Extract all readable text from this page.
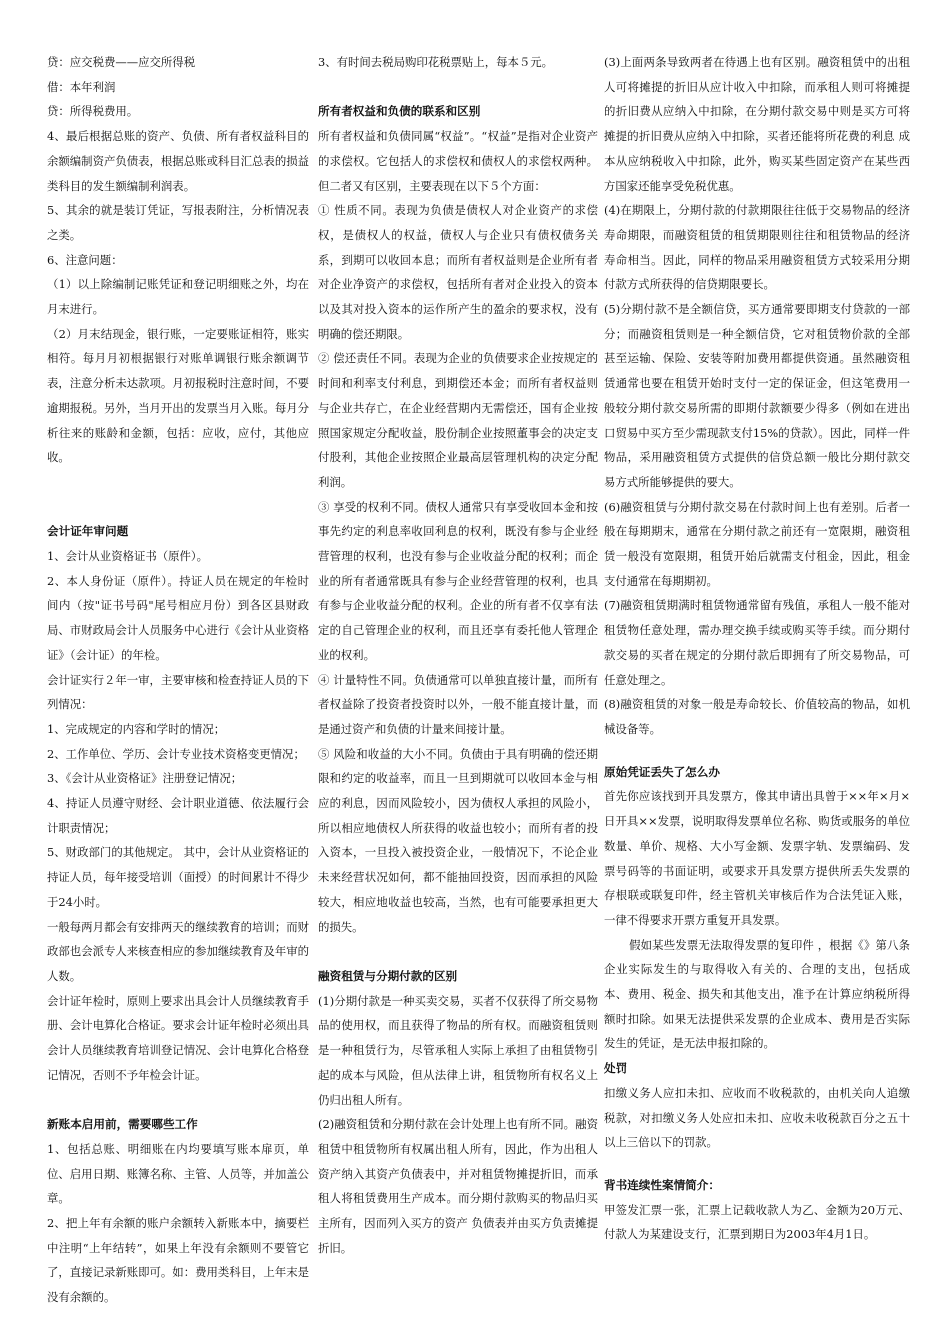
贷：应交税费——应交所得税

借：本年利润

贷：所得税费用。

4、最后根据总账的资产、负债、所有者权益科目的余额编制资产负债表，根据总账或科目汇总表的损益类科目的发生额编制利润表。

5、其余的就是装订凭证，写报表附注，分析情况表之类。

6、注意问题：

（1）以上除编制记账凭证和登记明细账之外，均在月末进行。

（2）月末结现金，银行账，一定要账证相符，账实相符。每月月初根据银行对账单调银行账余额调节表，注意分析未达款项。月初报税时注意时间，不要逾期报税。另外，当月开出的发票当月入账。每月分析往来的账龄和金额，包括：应收，应付，其他应收。

会计证年审问题

1、会计从业资格证书（原件）。

2、本人身份证（原件）。持证人员在规定的年检时间内（按"证书号码"尾号相应月份）到各区县财政局、市财政局会计人员服务中心进行《会计从业资格证》（会计证）的年检。

会计证实行２年一审，主要审核和检查持证人员的下列情况：

1、完成规定的内容和学时的情况；

2、工作单位、学历、会计专业技术资格变更情况；

3、《会计从业资格证》注册登记情况；

4、持证人员遵守财经、会计职业道德、依法履行会计职责情况；

5、财政部门的其他规定。 其中，会计从业资格证的持证人员，每年接受培训（面授）的时间累计不得少于24小时。

一般每两月都会有安排两天的继续教育的培训；而财政部也会派专人来核查相应的参加继续教育及年审的人数。

会计证年检时，原则上要求出具会计人员继续教育手册、会计电算化合格证。要求会计证年检时必须出具会计人员继续教育培训登记情况、会计电算化合格登记情况，否则不予年检会计证。

新账本启用前，需要哪些工作

1、包括总账、明细账在内均要填写账本扉页，单位、启用日期、账簿名称、主管、人员等，并加盖公章。

2、把上年有余额的账户余额转入新账本中，摘要栏中注明“上年结转”，如果上年没有余额则不要管它了，直接记录新账即可。如：费用类科目，上年末是没有余额的。

3、有时间去税局购印花税票贴上，每本５元。

所有者权益和负债的联系和区别

所有者权益和负债同属“权益”。“权益”是指对企业资产的求偿权。它包括人的求偿权和债权人的求偿权两种。但二者又有区别，主要表现在以下５个方面：

① 性质不同。表现为负债是债权人对企业资产的求偿权，是债权人的权益，债权人与企业只有债权债务关系，到期可以收回本息；而所有者权益则是企业所有者对企业净资产的求偿权，包括所有者对企业投入的资本以及其对投入资本的运作所产生的盈余的要求权，没有明确的偿还期限。

② 偿还责任不同。表现为企业的负债要求企业按规定的时间和利率支付利息，到期偿还本金；而所有者权益则与企业共存亡，在企业经营期内无需偿还，国有企业按照国家规定分配收益，股份制企业按照董事会的决定支付股利，其他企业按照企业最高层管理机构的决定分配利润。

③ 享受的权利不同。债权人通常只有享受收回本金和按事先约定的利息率收回利息的权利，既没有参与企业经营管理的权利，也没有参与企业收益分配的权利；而企业的所有者通常既具有参与企业经营管理的权利，也具有参与企业收益分配的权利。企业的所有者不仅享有法定的自己管理企业的权利，而且还享有委托他人管理企业的权利。

④ 计量特性不同。负债通常可以单独直接计量，而所有者权益除了投资者投资时以外，一般不能直接计量，而是通过资产和负债的计量来间接计量。

⑤ 风险和收益的大小不同。负债由于具有明确的偿还期限和约定的收益率，而且一旦到期就可以收回本金与相应的利息，因而风险较小，因为债权人承担的风险小，所以相应地债权人所获得的收益也较小；而所有者的投入资本，一旦投入被投资企业，一般情况下，不论企业未来经营状况如何，都不能抽回投资，因而承担的风险较大，相应地收益也较高，当然，也有可能要承担更大的损失。

融资租赁与分期付款的区别

(1)分期付款是一种买卖交易，买者不仅获得了所交易物品的使用权，而且获得了物品的所有权。而融资租赁则是一种租赁行为，尽管承租人实际上承担了由租赁物引起的成本与风险，但从法律上讲，租赁物所有权名义上仍归出租人所有。

(2)融资租赁和分期付款在会计处理上也有所不同。融资租赁中租赁物所有权属出租人所有，因此，作为出租人资产纳入其资产负债表中，并对租赁物摊提折旧，而承租人将租赁费用生产成本。而分期付款购买的物品归买主所有，因而列入买方的资产 负债表并由买方负责摊提折旧。

(3)上面两条导致两者在待遇上也有区别。融资租赁中的出租人可将摊提的折旧从应计收入中扣除，而承租人则可将摊提的折旧费从应纳入中扣除，在分期付款交易中则是买方可将摊提的折旧费从应纳入中扣除，买者还能将所花费的利息 成本从应纳税收入中扣除，此外，购买某些固定资产在某些西方国家还能享受免税优惠。

(4)在期限上，分期付款的付款期限往往低于交易物品的经济寿命期限，而融资租赁的租赁期限则往往和租赁物品的经济寿命相当。因此，同样的物品采用融资租赁方式较采用分期付款方式所获得的信贷期限要长。

(5)分期付款不是全额信贷，买方通常要即期支付贷款的一部分；而融资租赁则是一种全额信贷，它对租赁物价款的全部甚至运输、保险、安装等附加费用都提供资通。虽然融资租赁通常也要在租赁开始时支付一定的保证金，但这笔费用一般较分期付款交易所需的即期付款额要少得多（例如在进出口贸易中买方至少需现款支付15%的贷款）。因此，同样一件物品，采用融资租赁方式提供的信贷总额一般比分期付款交易方式所能够提供的要大。

(6)融资租赁与分期付款交易在付款时间上也有差别。后者一般在每期期末，通常在分期付款之前还有一宽限期，融资租赁一般没有宽限期，租赁开始后就需支付租金，因此，租金支付通常在每期期初。

(7)融资租赁期满时租赁物通常留有残值，承租人一般不能对租赁物任意处理，需办理交换手续或购买等手续。而分期付款交易的买者在规定的分期付款后即拥有了所交易物品，可任意处理之。

(8)融资租赁的对象一般是寿命较长、价值较高的物品，如机械设备等。

原始凭证丢失了怎么办

首先你应该找到开具发票方，像其申请出具曾于××年×月×日开具××发票，说明取得发票单位名称、购货或服务的单位数量、单价、规格、大小写金额、发票字轨、发票编码、发票号码等的书面证明，或要求开具发票方提供所丢失发票的存根联或联复印件，经主管机关审核后作为合法凭证入账，一律不得要求开票方重复开具发票。

假如某些发票无法取得发票的复印件 ，根据《》第八条企业实际发生的与取得收入有关的、合理的支出，包括成本、费用、税金、损失和其他支出，准予在计算应纳税所得额时扣除。如果无法提供采发票的企业成本、费用是否实际发生的凭证，是无法申报扣除的。

处罚

扣缴义务人应扣未扣、应收而不收税款的，由机关向人追缴税款，对扣缴义务人处应扣未扣、应收未收税款百分之五十以上三倍以下的罚款。

背书连续性案情简介：

甲签发汇票一张，汇票上记载收款人为乙、金额为20万元、付款人为某建设支行，汇票到期日为2003年4月1日。
